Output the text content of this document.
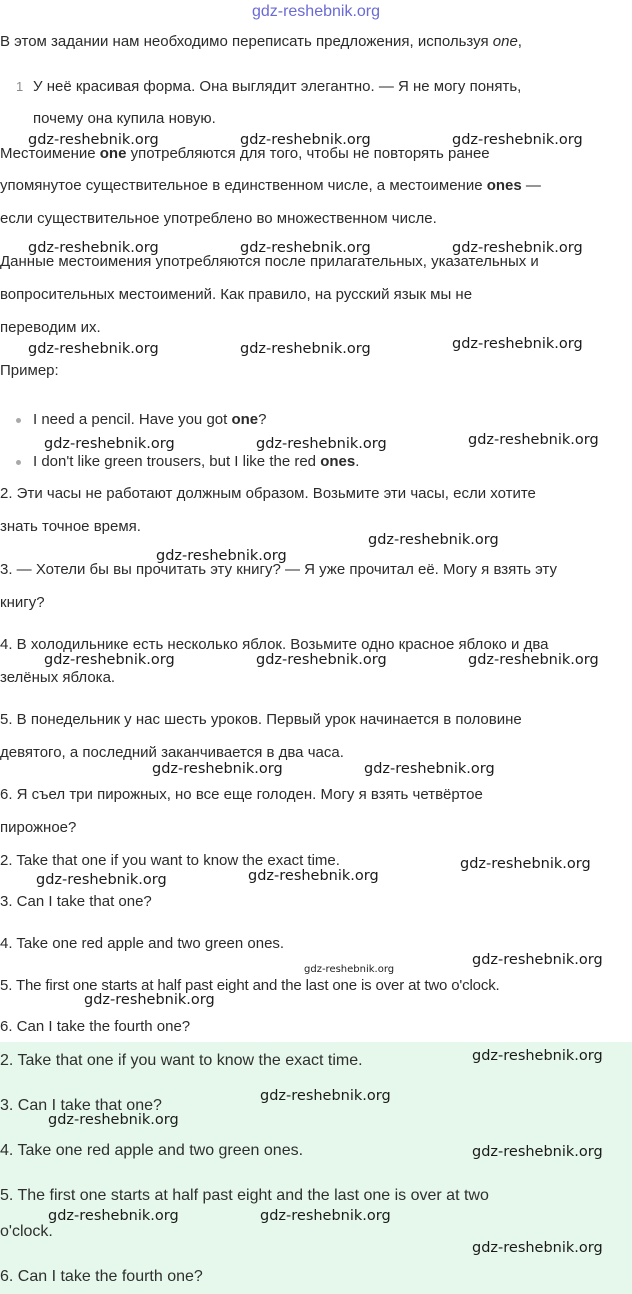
gdz-reshebnik.org
В этом задании нам необходимо переписать предложения, используя one,
1 У неё красивая форма. Она выглядит элегантно. — Я не могу понять,
почему она купила новую.
Местоимение one употребляются для того, чтобы не повторять ранее
упомянутое существительное в единственном числе, а местоимение ones —
если существительное употреблено во множественном числе.
Данные местоимения употребляются после прилагательных, указательных и
вопросительных местоимений. Как правило, на русский язык мы не
переводим их.
Пример:
I need a pencil. Have you got one?
I don't like green trousers, but I like the red ones.
2. Эти часы не работают должным образом. Возьмите эти часы, если хотите
знать точное время.
3. — Хотели бы вы прочитать эту книгу? — Я уже прочитал её. Могу я взять эту
книгу?
4. В холодильнике есть несколько яблок. Возьмите одно красное яблоко и два
зелёных яблока.
5. В понедельник у нас шесть уроков. Первый урок начинается в половине
девятого, а последний заканчивается в два часа.
6. Я съел три пирожных, но все еще голоден. Могу я взять четвёртое
пирожное?
2. Take that one if you want to know the exact time.
3. Can I take that one?
4. Take one red apple and two green ones.
5. The first one starts at half past eight and the last one is over at two o'clock.
6. Can I take the fourth one?
2. Take that one if you want to know the exact time.
3. Can I take that one?
4. Take one red apple and two green ones.
5. The first one starts at half past eight and the last one is over at two
o'clock.
6. Can I take the fourth one?
gdz-reshebnik.org	gdz-reshebnik.org	gdz-reshebnik.org
gdz-reshebnik.org	gdz-reshebnik.org	gdz-reshebnik.org
gdz-reshebnik.org	gdz-reshebnik.org	gdz-reshebnik.org
gdz-reshebnik.org	gdz-reshebnik.org	gdz-reshebnik.org
gdz-reshebnik.org
gdz-reshebnik.org
gdz-reshebnik.org	gdz-reshebnik.org	gdz-reshebnik.org
gdz-reshebnik.org	gdz-reshebnik.org
gdz-reshebnik.org
gdz-reshebnik.org
gdz-reshebnik.org
gdz-reshebnik.org
gdz-reshebnik.org
gdz-reshebnik.org
gdz-reshebnik.org
gdz-reshebnik.org
gdz-reshebnik.org
gdz-reshebnik.org
gdz-reshebnik.org	gdz-reshebnik.org
gdz-reshebnik.org
